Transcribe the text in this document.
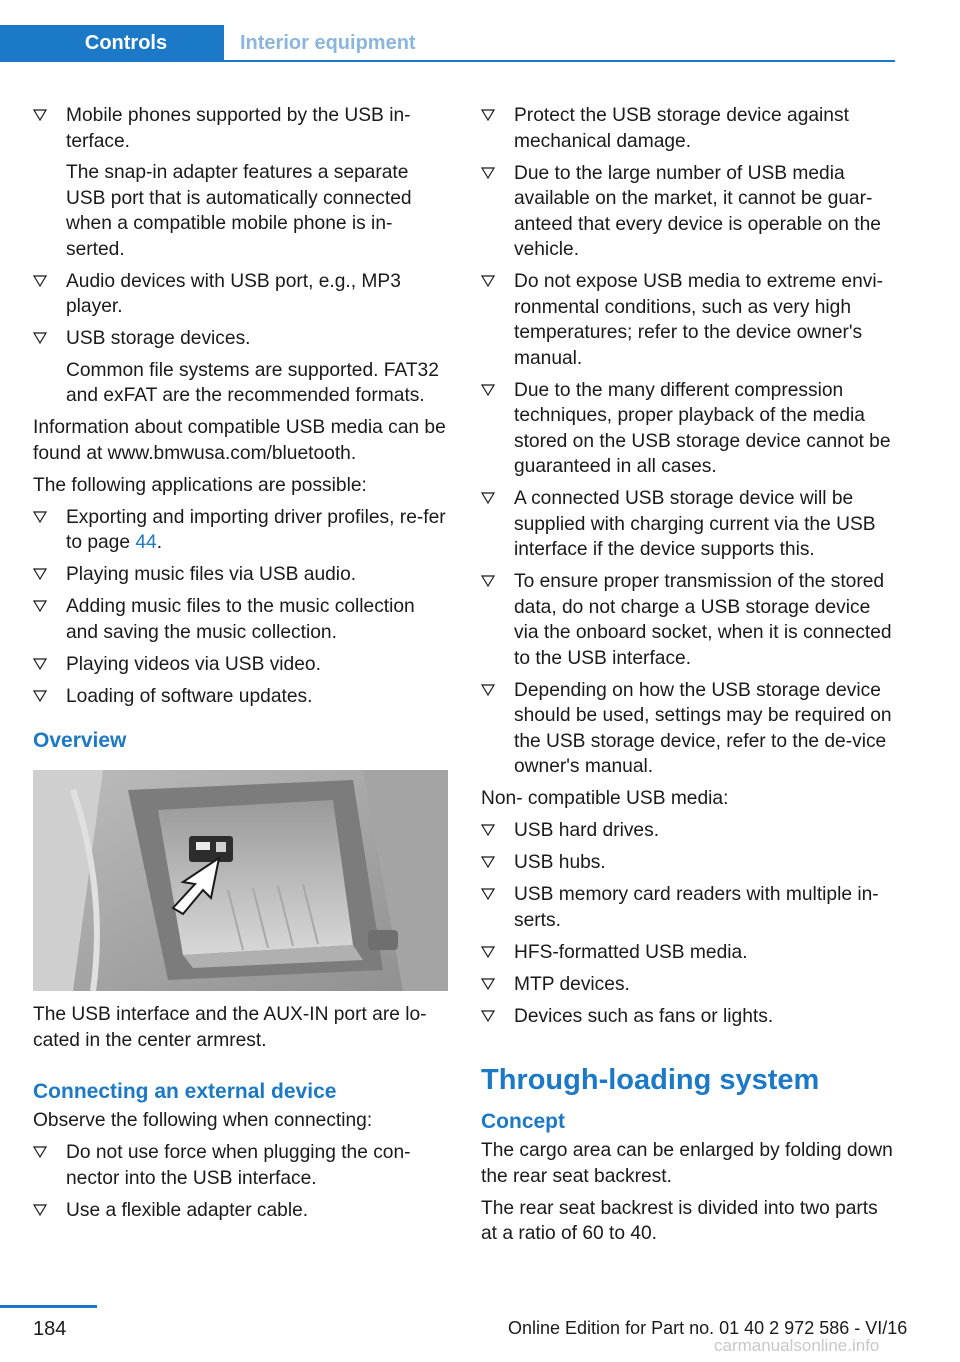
Controls	Interior equipment
Mobile phones supported by the USB in‐terface.
The snap-in adapter features a separate USB port that is automatically connected when a compatible mobile phone is in‐serted.
Audio devices with USB port, e.g., MP3 player.
USB storage devices.
Common file systems are supported. FAT32 and exFAT are the recommended formats.

Information about compatible USB media can be found at www.bmwusa.com/bluetooth.

The following applications are possible:

Exporting and importing driver profiles, re‐fer to page 44.
Playing music files via USB audio.
Adding music files to the music collection and saving the music collection.
Playing videos via USB video.
Loading of software updates.
Overview

The USB interface and the AUX-IN port are lo‐cated in the center armrest.

Connecting an external device

Observe the following when connecting:

Do not use force when plugging the con‐nector into the USB interface.
Use a flexible adapter cable.
Protect the USB storage device against mechanical damage.
Due to the large number of USB media available on the market, it cannot be guar‐anteed that every device is operable on the vehicle.
Do not expose USB media to extreme envi‐ronmental conditions, such as very high temperatures; refer to the device owner's manual.
Due to the many different compression techniques, proper playback of the media stored on the USB storage device cannot be guaranteed in all cases.
A connected USB storage device will be supplied with charging current via the USB interface if the device supports this.
To ensure proper transmission of the stored data, do not charge a USB storage device via the onboard socket, when it is connected to the USB interface.
Depending on how the USB storage device should be used, settings may be required on the USB storage device, refer to the de‐vice owner's manual.

Non- compatible USB media:

USB hard drives.
USB hubs.
USB memory card readers with multiple in‐serts.
HFS-formatted USB media.
MTP devices.
Devices such as fans or lights.
Through-loading system
Concept

The cargo area can be enlarged by folding down the rear seat backrest.

The rear seat backrest is divided into two parts at a ratio of 60 to 40.

184	Online Edition for Part no. 01 40 2 972 586 - VI/16
carmanualsonline.info
